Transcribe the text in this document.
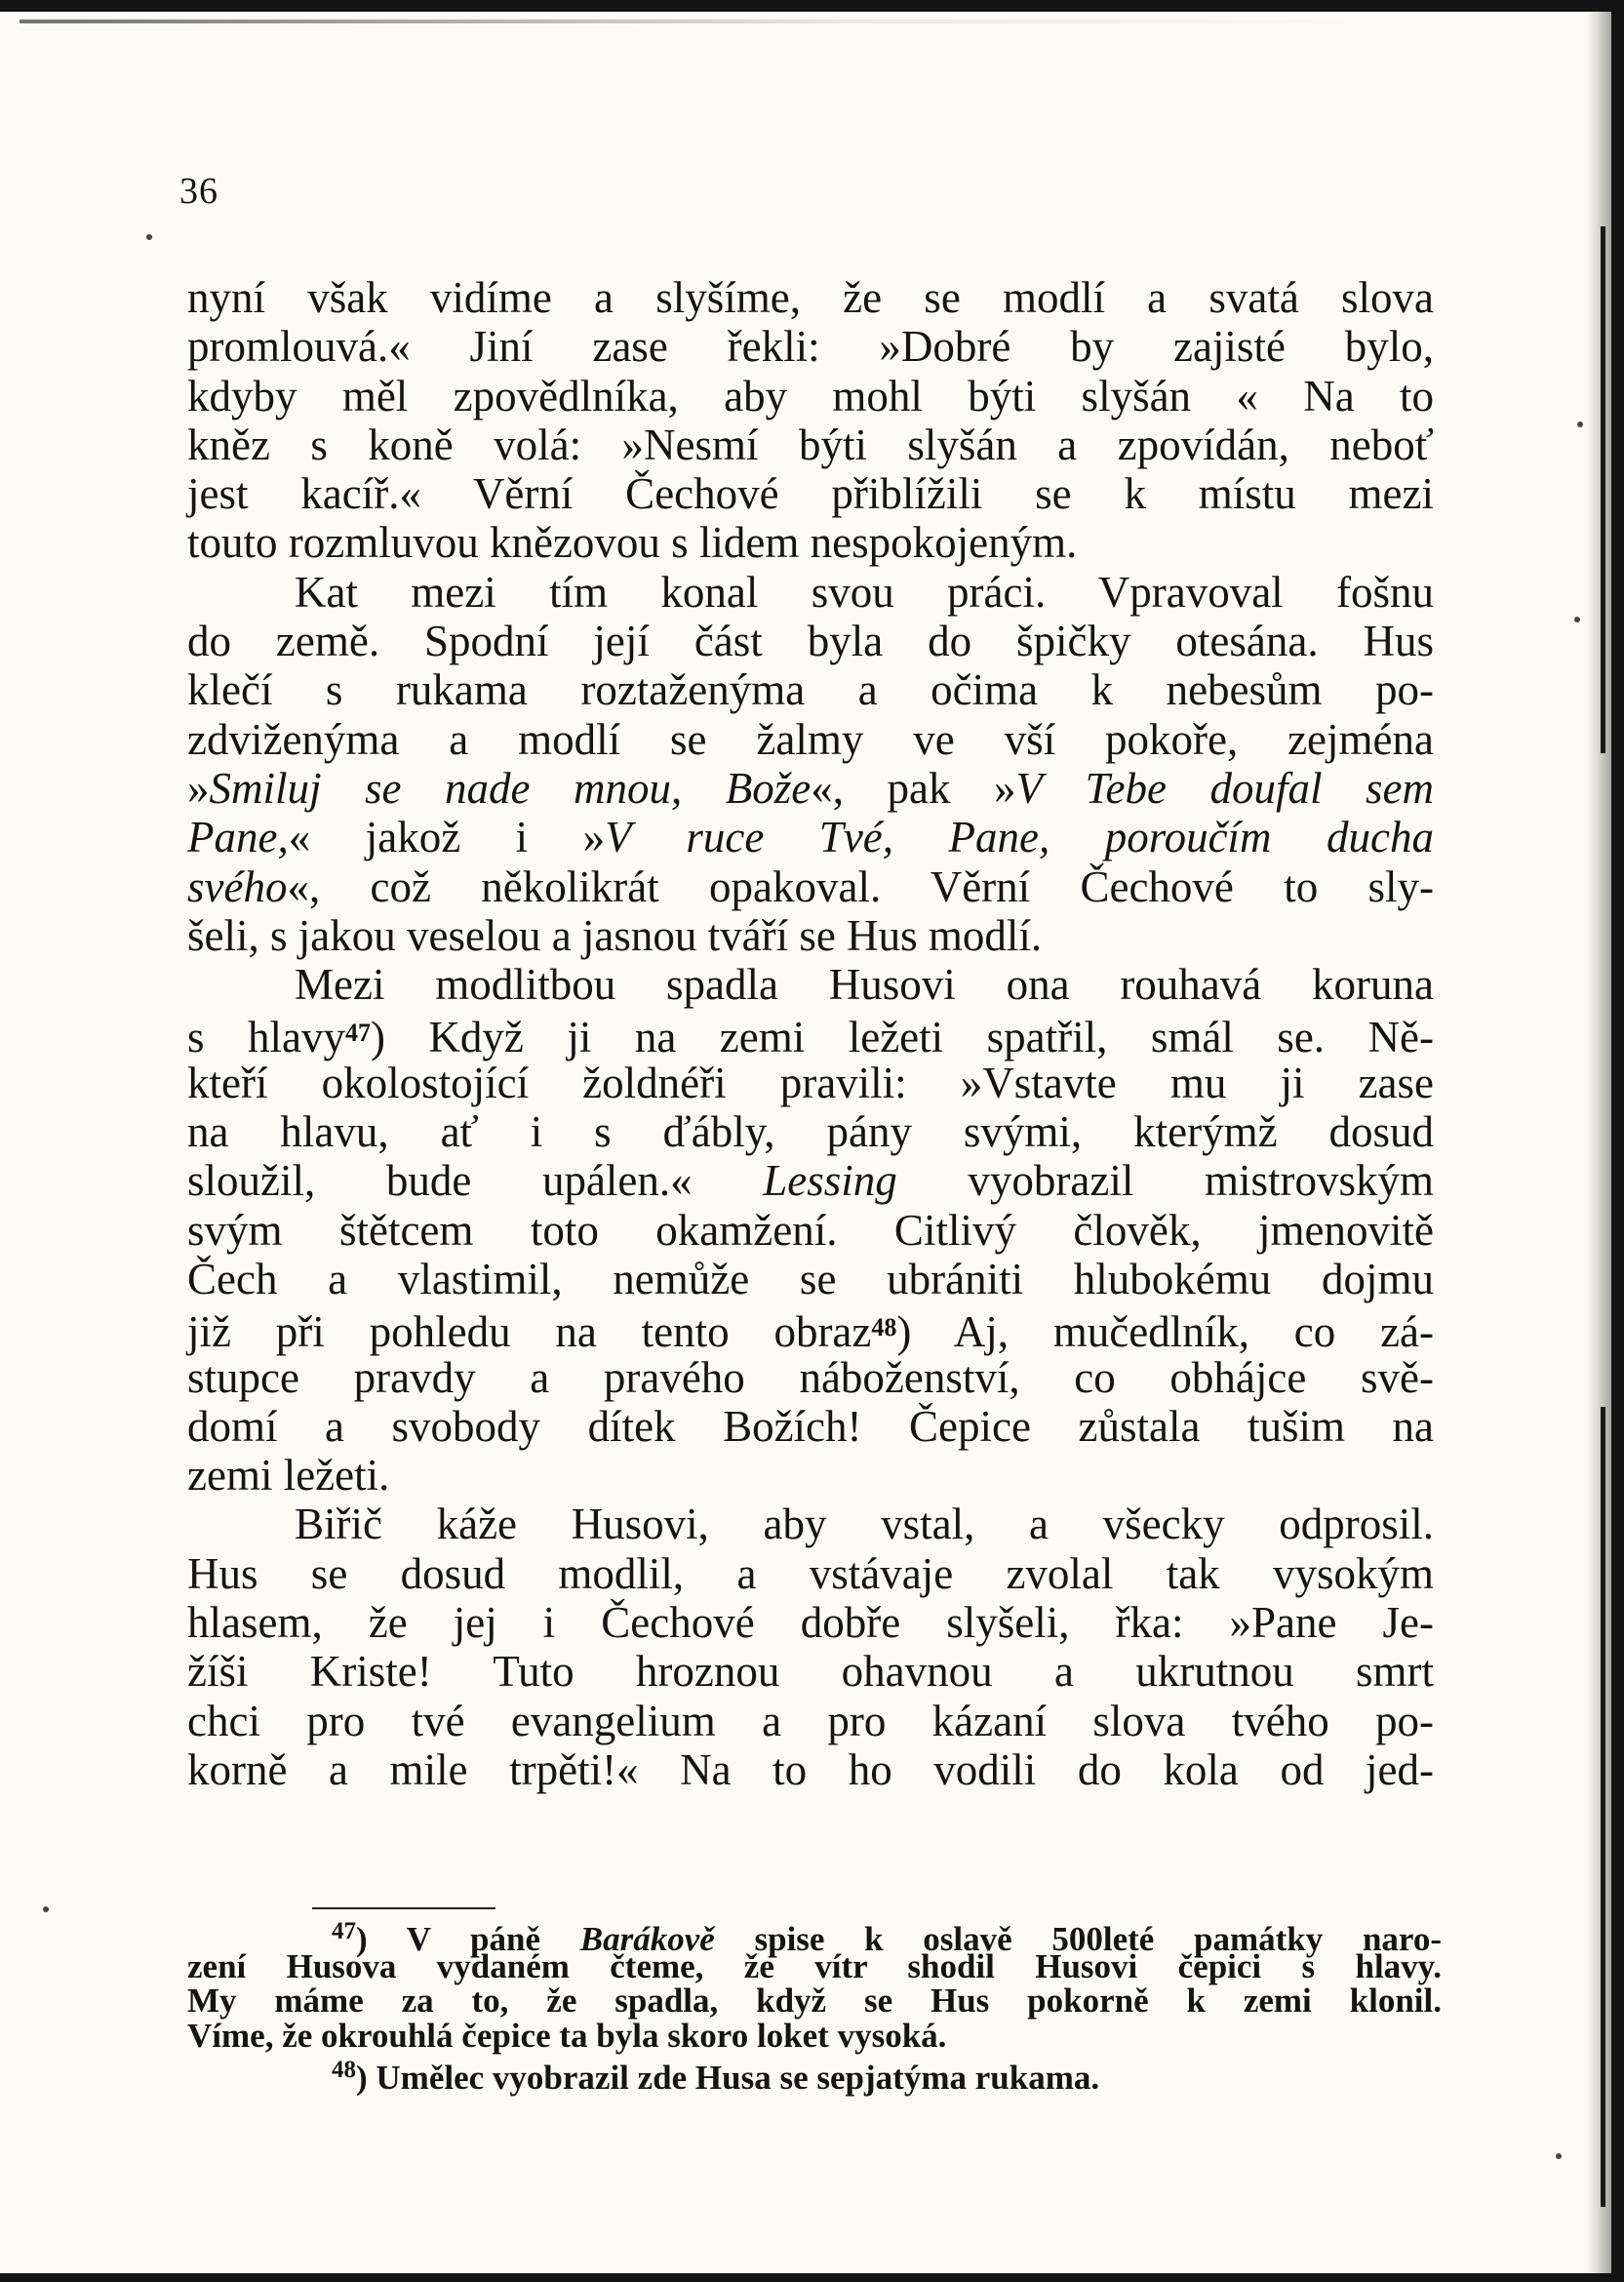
36
nyní však vidíme a slyšíme, že se modlí a svatá slova
promlouvá.« Jiní zase řekli: »Dobré by zajisté bylo,
kdyby měl zpovědlníka, aby mohl býti slyšán « Na to
kněz s koně volá: »Nesmí býti slyšán a zpovídán, neboť
jest kacíř.« Věrní Čechové přiblížili se k místu mezi
touto rozmluvou knězovou s lidem nespokojeným.
Kat mezi tím konal svou práci. Vpravoval fošnu
do země. Spodní její část byla do špičky otesána. Hus
klečí s rukama roztaženýma a očima k nebesům po-
zdviženýma a modlí se žalmy ve vší pokoře, zejména
»Smiluj se nade mnou, Bože«, pak »V Tebe doufal sem
Pane,« jakož i »V ruce Tvé, Pane, poroučím ducha
svého«, což několikrát opakoval. Věrní Čechové to sly-
šeli, s jakou veselou a jasnou tváří se Hus modlí.
Mezi modlitbou spadla Husovi ona rouhavá koruna
s hlavy$^{47}$) Když ji na zemi ležeti spatřil, smál se. Ně-
kteří okolostojící žoldnéři pravili: »Vstavte mu ji zase
na hlavu, ať i s ďábly, pány svými, kterýmž dosud
sloužil, bude upálen.« Lessing vyobrazil mistrovským
svým štětcem toto okamžení. Citlivý člověk, jmenovitě
Čech a vlastimil, nemůže se ubrániti hlubokému dojmu
již při pohledu na tento obraz$^{48}$) Aj, mučedlník, co zá-
stupce pravdy a pravého náboženství, co obhájce svě-
domí a svobody dítek Božích! Čepice zůstala tušim na
zemi ležeti.
Biřič káže Husovi, aby vstal, a všecky odprosil.
Hus se dosud modlil, a vstávaje zvolal tak vysokým
hlasem, že jej i Čechové dobře slyšeli, řka: »Pane Je-
žíši Kriste! Tuto hroznou ohavnou a ukrutnou smrt
chci pro tvé evangelium a pro kázaní slova tvého po-
korně a mile trpěti!« Na to ho vodili do kola od jed-
$^{47}$) V páně Barákově spise k oslavě 500leté památky naro-
zení Husova vydaném čteme, že vítr shodil Husovi čepici s hlavy.
My máme za to, že spadla, když se Hus pokorně k zemi klonil.
Víme, že okrouhlá čepice ta byla skoro loket vysoká.
$^{48}$) Umělec vyobrazil zde Husa se sepjatýma rukama.
